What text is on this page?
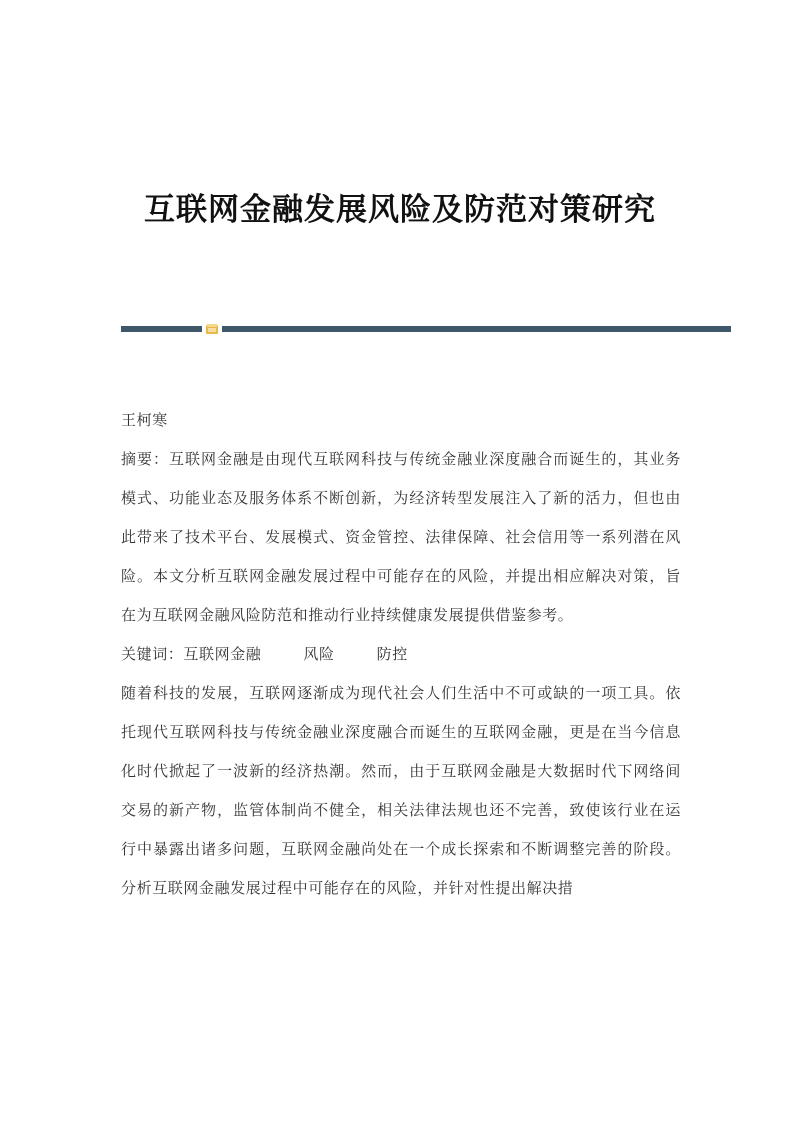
互联网金融发展风险及防范对策研究

王柯寒

摘要：互联网金融是由现代互联网科技与传统金融业深度融合而诞生的，其业务模式、功能业态及服务体系不断创新，为经济转型发展注入了新的活力，但也由此带来了技术平台、发展模式、资金管控、法律保障、社会信用等一系列潜在风险。本文分析互联网金融发展过程中可能存在的风险，并提出相应解决对策，旨在为互联网金融风险防范和推动行业持续健康发展提供借鉴参考。

关键词：互联网金融	风险	防控

随着科技的发展，互联网逐渐成为现代社会人们生活中不可或缺的一项工具。依托现代互联网科技与传统金融业深度融合而诞生的互联网金融，更是在当今信息化时代掀起了一波新的经济热潮。然而，由于互联网金融是大数据时代下网络间交易的新产物，监管体制尚不健全，相关法律法规也还不完善，致使该行业在运行中暴露出诸多问题，互联网金融尚处在一个成长探索和不断调整完善的阶段。分析互联网金融发展过程中可能存在的风险，并针对性提出解决措
